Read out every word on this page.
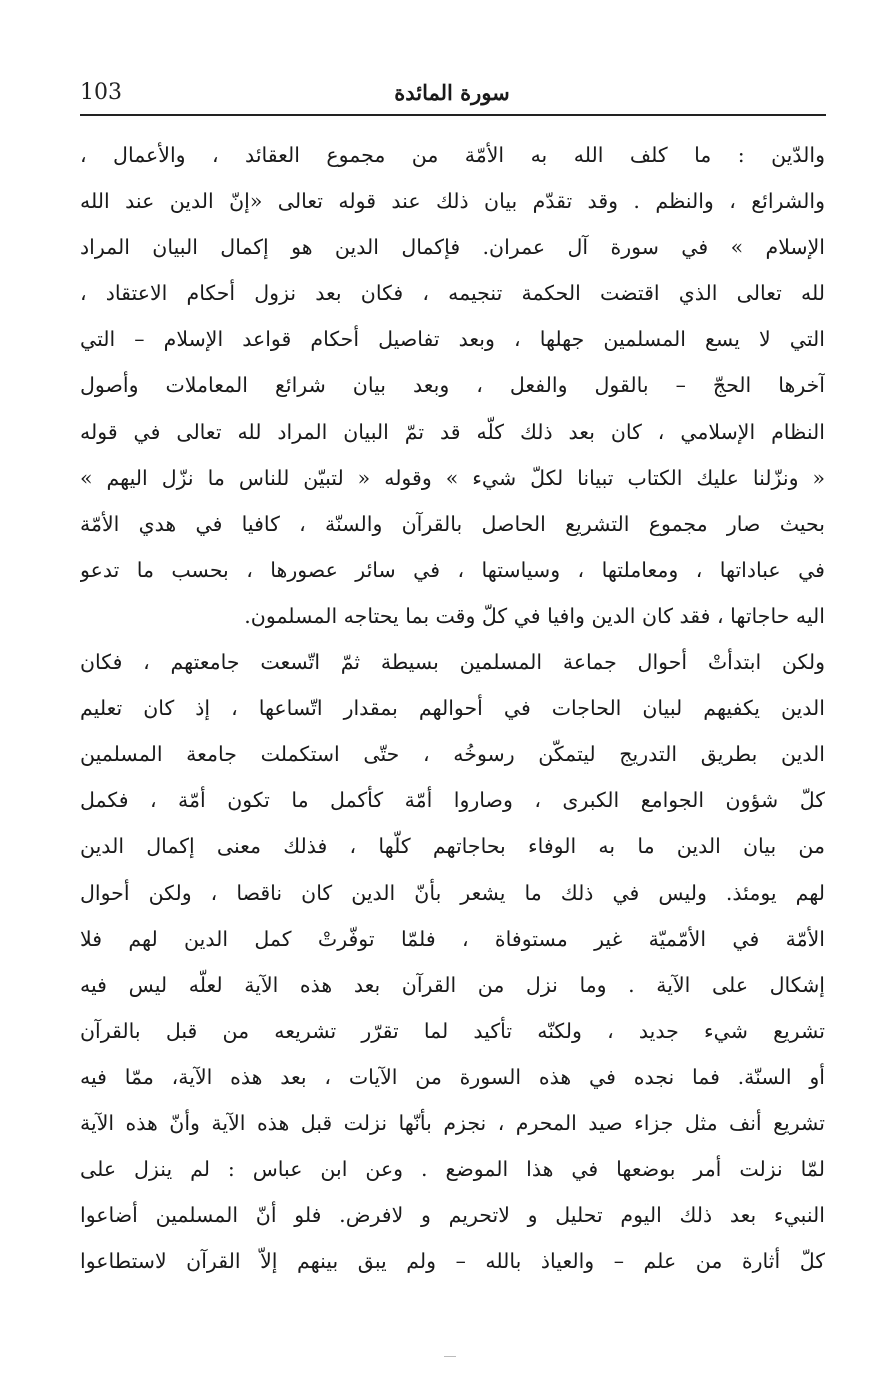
103	سورة المائدة
والدّين : ما كلف الله به الأمّة من مجموع العقائد ، والأعمال ،
والشرائع ، والنظم . وقد تقدّم بيان ذلك عند قوله تعالى «إنّ الدين عند الله
الإسلام » في سورة آل عمران. فإكمال الدين هو إكمال البيان المراد
لله تعالى الذي اقتضت الحكمة تنجيمه ، فكان بعد نزول أحكام الاعتقاد ،
التي لا يسع المسلمين جهلها ، وبعد تفاصيل أحكام قواعد الإسلام – التي
آخرها الحجّ – بالقول والفعل ، وبعد بيان شرائع المعاملات وأصول
النظام الإسلامي ، كان بعد ذلك كلّه قد تمّ البيان المراد لله تعالى في قوله
« ونزّلنا عليك الكتاب تبيانا لكلّ شيء » وقوله « لتبيّن للناس ما نزّل اليهم »
بحيث صار مجموع التشريع الحاصل بالقرآن والسنّة ، كافيا في هدي الأمّة
في عباداتها ، ومعاملتها ، وسياستها ، في سائر عصورها ، بحسب ما تدعو
اليه حاجاتها ، فقد كان الدين وافيا في كلّ وقت بما يحتاجه المسلمون.
ولكن ابتدأتْ أحوال جماعة المسلمين بسيطة ثمّ اتّسعت جامعتهم ، فكان
الدين يكفيهم لبيان الحاجات في أحوالهم بمقدار اتّساعها ، إذ كان تعليم
الدين بطريق التدريج ليتمكّن رسوخُه ، حتّى استكملت جامعة المسلمين
كلّ شؤون الجوامع الكبرى ، وصاروا أمّة كأكمل ما تكون أمّة ، فكمل
من بيان الدين ما به الوفاء بحاجاتهم كلّها ، فذلك معنى إكمال الدين
لهم يومئذ. وليس في ذلك ما يشعر بأنّ الدين كان ناقصا ، ولكن أحوال
الأمّة في الأمّميّة غير مستوفاة ، فلمّا توفّرتْ كمل الدين لهم فلا
إشكال على الآية . وما نزل من القرآن بعد هذه الآية لعلّه ليس فيه
تشريع شيء جديد ، ولكنّه تأكيد لما تقرّر تشريعه من قبل بالقرآن
أو السنّة. فما نجده في هذه السورة من الآيات ، بعد هذه الآية، ممّا فيه
تشريع أنف مثل جزاء صيد المحرم ، نجزم بأنّها نزلت قبل هذه الآية وأنّ هذه الآية
لمّا نزلت أمر بوضعها في هذا الموضع . وعن ابن عباس : لم ينزل على
النبيء بعد ذلك اليوم تحليل و لاتحريم و لافرض. فلو أنّ المسلمين أضاعوا
كلّ أثارة من علم – والعياذ بالله – ولم يبق بينهم إلاّ القرآن لاستطاعوا
